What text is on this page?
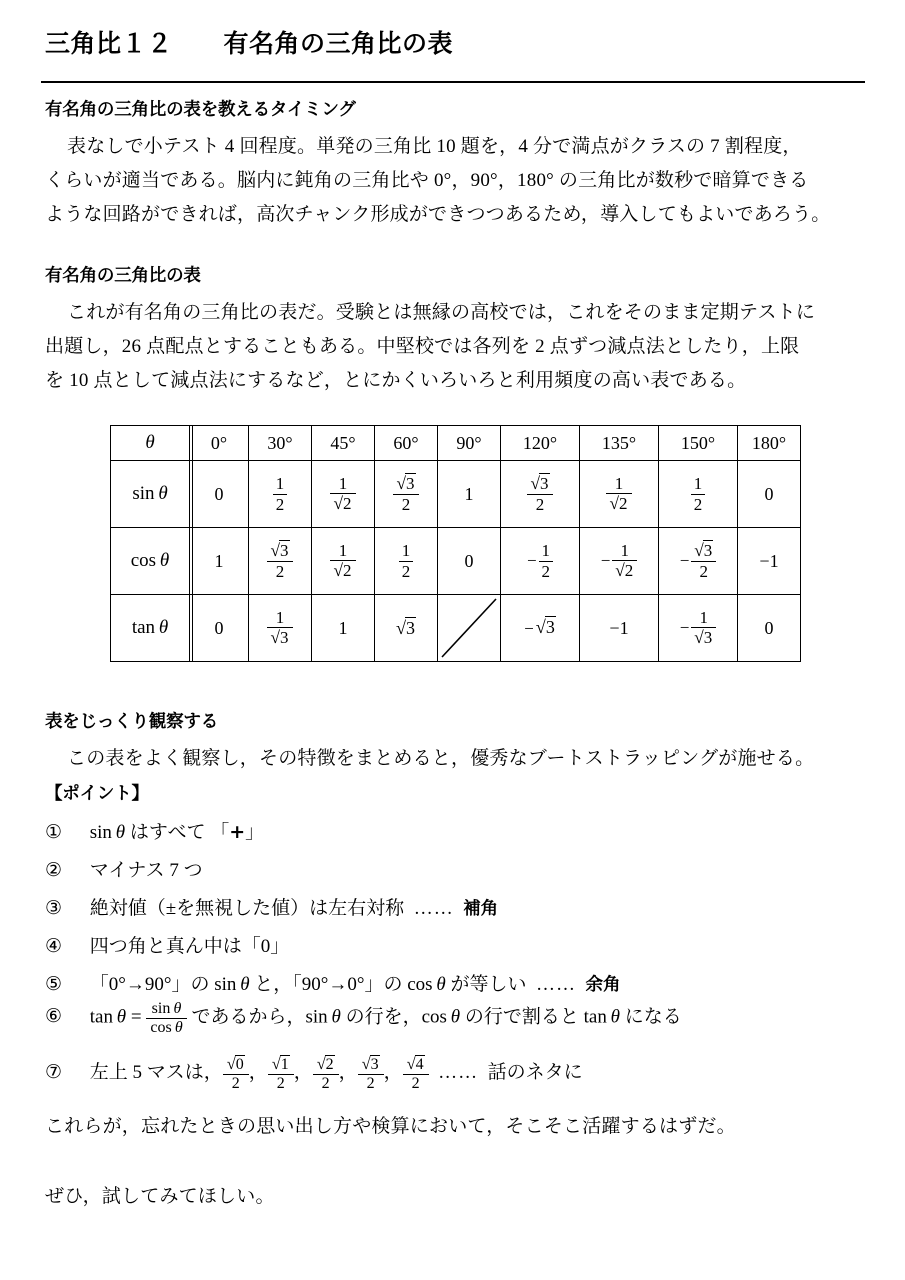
三角比１２　　有名角の三角比の表
有名角の三角比の表を教えるタイミング
表なしで小テスト 4 回程度。単発の三角比 10 題を，4 分で満点がクラスの 7 割程度，
くらいが適当である。脳内に鈍角の三角比や 0°，90°，180° の三角比が数秒で暗算できる
ような回路ができれば，高次チャンク形成ができつつあるため，導入してもよいであろう。
有名角の三角比の表
これが有名角の三角比の表だ。受験とは無縁の高校では，これをそのまま定期テストに
出題し，26 点配点とすることもある。中堅校では各列を 2 点ずつ減点法としたり，上限
を 10 点として減点法にするなど，とにかくいろいろと利用頻度の高い表である。
θ	0°	30°	45°	60°	90°	120°	135°	150°	180°
sin  θ	0	$\frac{1}{2}$	$\frac{1}{√2}$	$\frac{√3}{2}$	1	$\frac{√3}{2}$	$\frac{1}{√2}$	$\frac{1}{2}$	0
cos  θ	1	$\frac{√3}{2}$	$\frac{1}{√2}$	$\frac{1}{2}$	0	− $\frac{1}{2}$	− $\frac{1}{√2}$	− $\frac{√3}{2}$	−1
tan  θ	0	$\frac{1}{√3}$	1	√3		− √3	−1	− $\frac{1}{√3}$	0
表をじっくり観察する
この表をよく観察し，その特徴をまとめると，優秀なブートストラッピングが施せる。
【ポイント】
① sin  θ はすべて 「+」
② マイナス 7 つ
③ 絶対値（±を無視した値）は左右対称 …… 補角
④ 四つ角と真ん中は「0」
⑤ 「0°→90°」の sin  θ と，「90°→0°」の cos  θ が等しい …… 余角
⑥ $\tan \theta = \frac{\text{sin  θ}}{\text{cos  θ}}$ であるから，sin  θ の行を，cos  θ の行で割ると tan  θ になる
⑦ 左上 5 マスは， $\frac{√0}{2}$ ， $\frac{√1}{2}$ ， $\frac{√2}{2}$ ， $\frac{√3}{2}$ ， $\frac{√4}{2}$ …… 話のネタに
これらが，忘れたときの思い出し方や検算において，そこそこ活躍するはずだ。
ぜひ，試してみてほしい。
